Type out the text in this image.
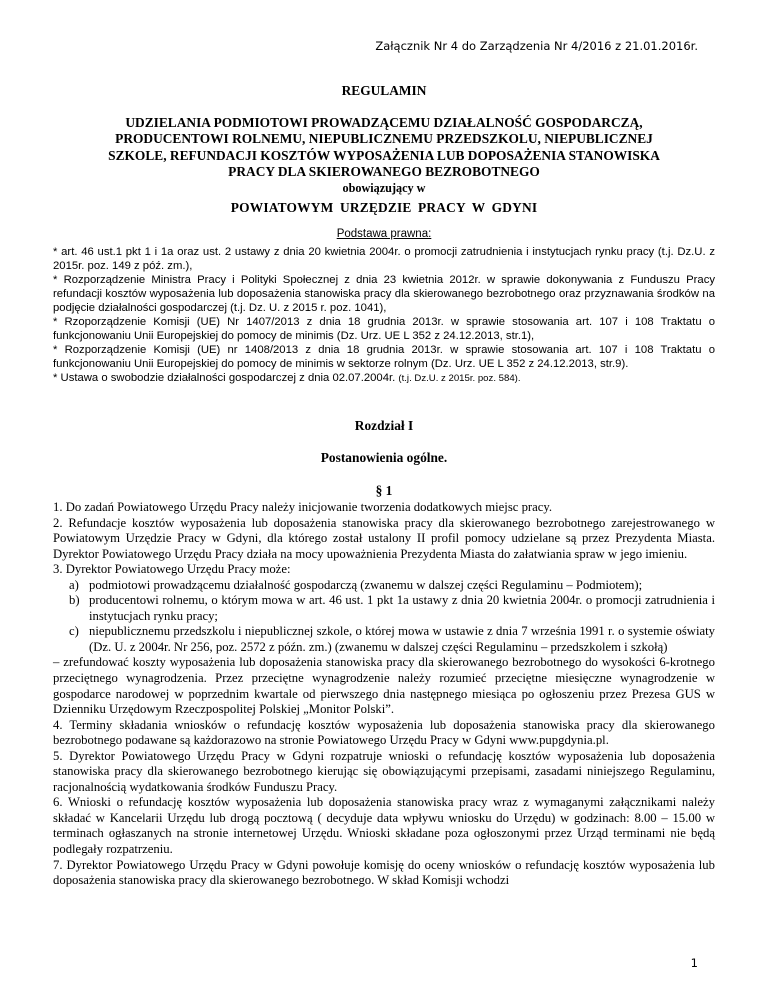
Załącznik Nr 4 do Zarządzenia Nr 4/2016 z 21.01.2016r.
REGULAMIN
UDZIELANIA PODMIOTOWI PROWADZĄCEMU DZIAŁALNOŚĆ GOSPODARCZĄ,
PRODUCENTOWI ROLNEMU, NIEPUBLICZNEMU PRZEDSZKOLU, NIEPUBLICZNEJ
SZKOLE, REFUNDACJI KOSZTÓW WYPOSAŻENIA LUB DOPOSAŻENIA STANOWISKA
PRACY DLA SKIEROWANEGO BEZROBOTNEGO
obowiązujący w
POWIATOWYM URZĘDZIE PRACY W GDYNI
Podstawa prawna:

* art. 46 ust.1 pkt 1 i 1a oraz ust. 2 ustawy z dnia 20 kwietnia 2004r. o promocji zatrudnienia i instytucjach rynku pracy (t.j. Dz.U. z 2015r. poz. 149 z póź. zm.),

* Rozporządzenie Ministra Pracy i Polityki Społecznej z dnia 23 kwietnia 2012r. w sprawie dokonywania z Funduszu Pracy refundacji kosztów wyposażenia lub doposażenia stanowiska pracy dla skierowanego bezrobotnego oraz przyznawania środków na podjęcie działalności gospodarczej (t.j. Dz. U. z 2015 r. poz. 1041),

* Rzoporządzenie Komisji (UE) Nr 1407/2013 z dnia 18 grudnia 2013r. w sprawie stosowania art. 107 i 108 Traktatu o funkcjonowaniu Unii Europejskiej do pomocy de minimis (Dz. Urz. UE L 352 z 24.12.2013, str.1),

* Rozporządzenie Komisji (UE) nr 1408/2013 z dnia 18 grudnia 2013r. w sprawie stosowania art. 107 i 108 Traktatu o funkcjonowaniu Unii Europejskiej do pomocy de minimis w sektorze rolnym (Dz. Urz. UE L 352 z 24.12.2013, str.9).

* Ustawa o swobodzie działalności gospodarczej z dnia 02.07.2004r. (t.j. Dz.U. z 2015r. poz. 584).

Rozdział I
Postanowienia ogólne.
§ 1

1. Do zadań Powiatowego Urzędu Pracy należy inicjowanie tworzenia dodatkowych miejsc pracy.

2. Refundacje kosztów wyposażenia lub doposażenia stanowiska pracy dla skierowanego bezrobotnego zarejestrowanego w Powiatowym Urzędzie Pracy w Gdyni, dla którego został ustalony II profil pomocy udzielane są przez Prezydenta Miasta. Dyrektor Powiatowego Urzędu Pracy działa na mocy upoważnienia Prezydenta Miasta do załatwiania spraw w jego imieniu.

3. Dyrektor Powiatowego Urzędu Pracy może:

a) podmiotowi prowadzącemu działalność gospodarczą (zwanemu w dalszej części Regulaminu – Podmiotem);
b) producentowi rolnemu, o którym mowa w art. 46 ust. 1 pkt 1a ustawy z dnia 20 kwietnia 2004r. o promocji zatrudnienia i instytucjach rynku pracy;
c) niepublicznemu przedszkolu i niepublicznej szkole, o której mowa w ustawie z dnia 7 września 1991 r. o systemie oświaty (Dz. U. z 2004r. Nr 256, poz. 2572 z późn. zm.) (zwanemu w dalszej części Regulaminu – przedszkolem i szkołą)

– zrefundować koszty wyposażenia lub doposażenia stanowiska pracy dla skierowanego bezrobotnego do wysokości 6-krotnego przeciętnego wynagrodzenia. Przez przeciętne wynagrodzenie należy rozumieć przeciętne miesięczne wynagrodzenie w gospodarce narodowej w poprzednim kwartale od pierwszego dnia następnego miesiąca po ogłoszeniu przez Prezesa GUS w Dzienniku Urzędowym Rzeczpospolitej Polskiej „Monitor Polski”.

4. Terminy składania wniosków o refundację kosztów wyposażenia lub doposażenia stanowiska pracy dla skierowanego bezrobotnego podawane są każdorazowo na stronie Powiatowego Urzędu Pracy w Gdyni www.pupgdynia.pl.

5. Dyrektor Powiatowego Urzędu Pracy w Gdyni rozpatruje wnioski o refundację kosztów wyposażenia lub doposażenia stanowiska pracy dla skierowanego bezrobotnego kierując się obowiązującymi przepisami, zasadami niniejszego Regulaminu, racjonalnością wydatkowania środków Funduszu Pracy.

6. Wnioski o refundację kosztów wyposażenia lub doposażenia stanowiska pracy wraz z wymaganymi załącznikami należy składać w Kancelarii Urzędu lub drogą pocztową ( decyduje data wpływu wniosku do Urzędu) w godzinach: 8.00 – 15.00 w terminach ogłaszanych na stronie internetowej Urzędu. Wnioski składane poza ogłoszonymi przez Urząd terminami nie będą podlegały rozpatrzeniu.

7. Dyrektor Powiatowego Urzędu Pracy w Gdyni powołuje komisję do oceny wniosków o refundację kosztów wyposażenia lub doposażenia stanowiska pracy dla skierowanego bezrobotnego. W skład Komisji wchodzi

1
